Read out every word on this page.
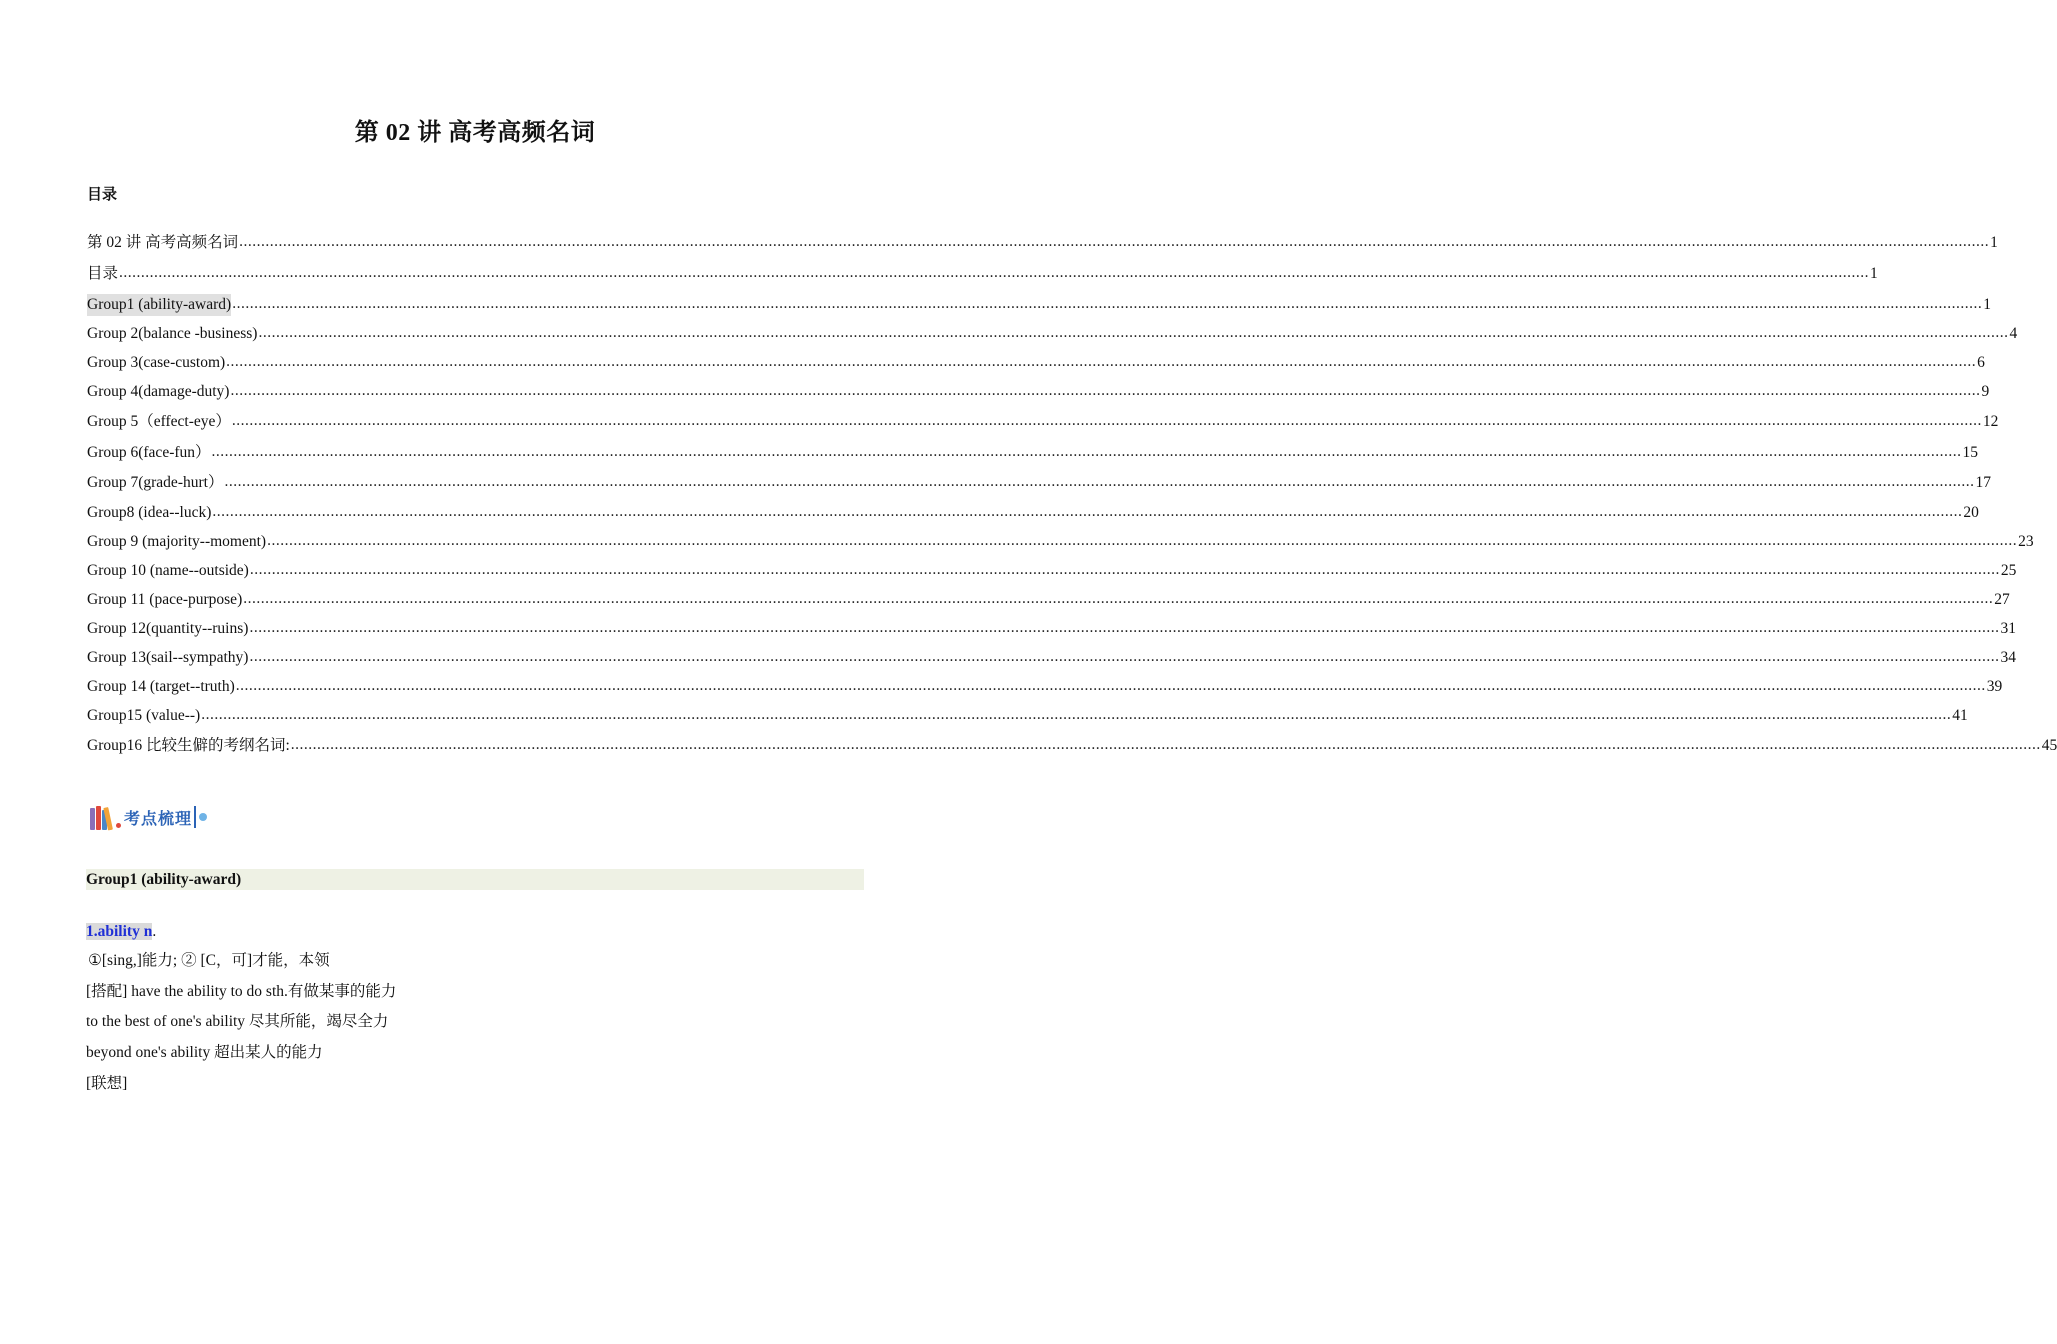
第 02 讲 高考高频名词
目录
第 02 讲 高考高频名词 ................................................................................................................................................................................................................................................................................................................................................................................................................ 1
目录 ................................................................................................................................................................................................................................................................................................................................................................................................................ 1
Group1 (ability-award) ................................................................................................................................................................................................................................................................................................................................................................................................................ 1
Group 2(balance -business) ................................................................................................................................................................................................................................................................................................................................................................................................................ 4
Group 3(case-custom) ................................................................................................................................................................................................................................................................................................................................................................................................................ 6
Group 4(damage-duty) ................................................................................................................................................................................................................................................................................................................................................................................................................ 9
Group 5（effect-eye） ................................................................................................................................................................................................................................................................................................................................................................................................................ 12
Group 6(face-fun） ................................................................................................................................................................................................................................................................................................................................................................................................................ 15
Group 7(grade-hurt） ................................................................................................................................................................................................................................................................................................................................................................................................................ 17
Group8 (idea--luck) ................................................................................................................................................................................................................................................................................................................................................................................................................ 20
Group 9 (majority--moment) ................................................................................................................................................................................................................................................................................................................................................................................................................ 23
Group 10 (name--outside) ................................................................................................................................................................................................................................................................................................................................................................................................................ 25
Group 11 (pace-purpose) ................................................................................................................................................................................................................................................................................................................................................................................................................ 27
Group 12(quantity--ruins) ................................................................................................................................................................................................................................................................................................................................................................................................................ 31
Group 13(sail--sympathy) ................................................................................................................................................................................................................................................................................................................................................................................................................ 34
Group 14 (target--truth) ................................................................................................................................................................................................................................................................................................................................................................................................................ 39
Group15 (value--) ................................................................................................................................................................................................................................................................................................................................................................................................................ 41
Group16 比较生僻的考纲名词: ................................................................................................................................................................................................................................................................................................................................................................................................................ 45
考点梳理
Group1 (ability-award)
1.ability n.
①[sing,]能力; ② [C，可]才能，本领
[搭配] have the ability to do sth.有做某事的能力
to the best of one's ability 尽其所能，竭尽全力
beyond one's ability 超出某人的能力
[联想]
